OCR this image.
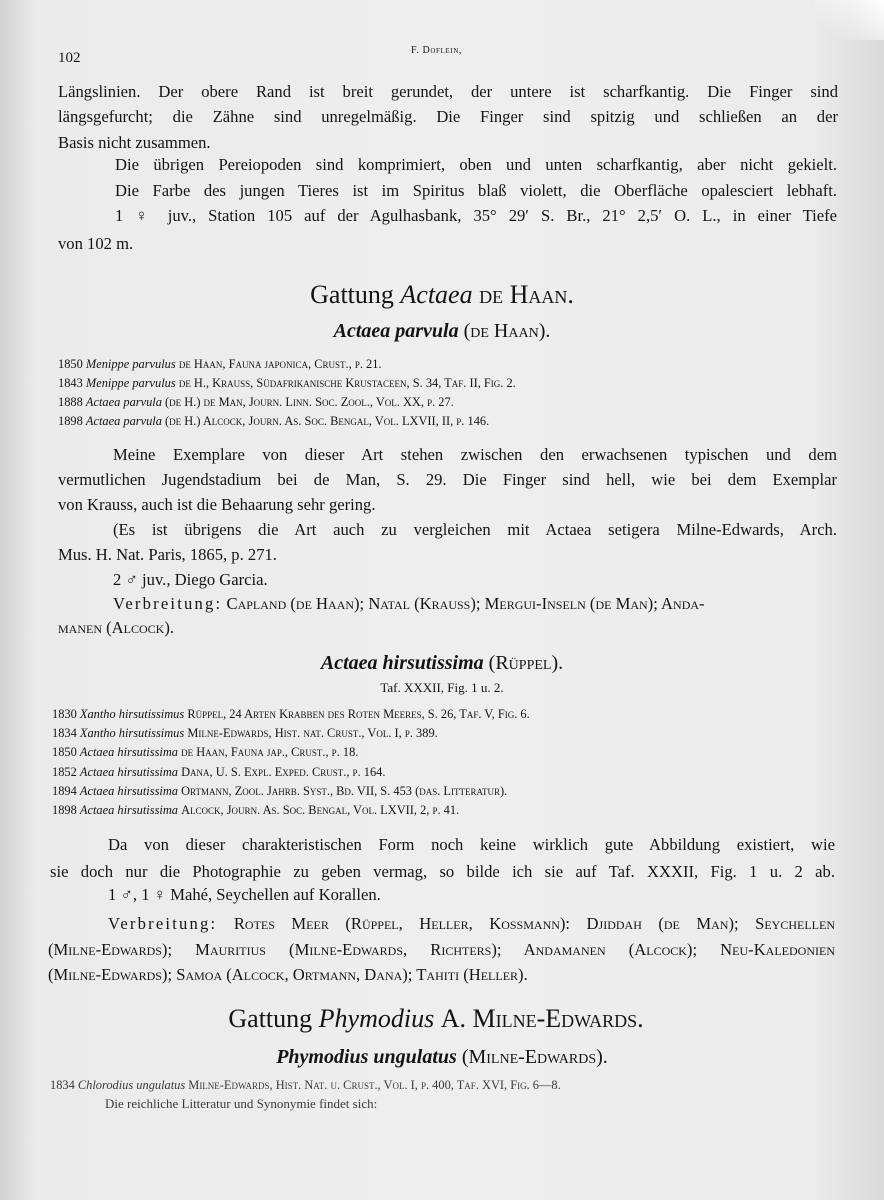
102	F. Doflein,
Längslinien. Der obere Rand ist breit gerundet, der untere ist scharfkantig. Die Finger sind
längsgefurcht; die Zähne sind unregelmäßig. Die Finger sind spitzig und schließen an der
Basis nicht zusammen.
Die übrigen Pereiopoden sind komprimiert, oben und unten scharfkantig, aber nicht gekielt.
Die Farbe des jungen Tieres ist im Spiritus blaß violett, die Oberfläche opalesciert lebhaft.
1 ♀ juv., Station 105 auf der Agulhasbank, 35° 29′ S. Br., 21° 2,5′ O. L., in einer Tiefe
von 102 m.
Gattung Actaea de Haan.
Actaea parvula (de Haan).
1850 Menippe parvulus de Haan, Fauna japonica, Crust., p. 21.
1843 Menippe parvulus de H., Krauss, Südafrikanische Krustaceen, S. 34, Taf. II, Fig. 2.
1888 Actaea parvula (de H.) de Man, Journ. Linn. Soc. Zool., Vol. XX, p. 27.
1898 Actaea parvula (de H.) Alcock, Journ. As. Soc. Bengal, Vol. LXVII, II, p. 146.
Meine Exemplare von dieser Art stehen zwischen den erwachsenen typischen und dem
vermutlichen Jugendstadium bei de Man, S. 29. Die Finger sind hell, wie bei dem Exemplar
von Krauss, auch ist die Behaarung sehr gering.
(Es ist übrigens die Art auch zu vergleichen mit Actaea setigera Milne-Edwards, Arch.
Mus. H. Nat. Paris, 1865, p. 271.
2 ♂ juv., Diego Garcia.
Verbreitung: Capland (de Haan); Natal (Krauss); Mergui-Inseln (de Man); Anda-
manen (Alcock).
Actaea hirsutissima (Rüppel).
Taf. XXXII, Fig. 1 u. 2.
1830 Xantho hirsutissimus Rüppel, 24 Arten Krabben des Roten Meeres, S. 26, Taf. V, Fig. 6.
1834 Xantho hirsutissimus Milne-Edwards, Hist. nat. Crust., Vol. I, p. 389.
1850 Actaea hirsutissima de Haan, Fauna jap., Crust., p. 18.
1852 Actaea hirsutissima Dana, U. S. Expl. Exped. Crust., p. 164.
1894 Actaea hirsutissima Ortmann, Zool. Jahrb. Syst., Bd. VII, S. 453 (das. Litteratur).
1898 Actaea hirsutissima Alcock, Journ. As. Soc. Bengal, Vol. LXVII, 2, p. 41.
Da von dieser charakteristischen Form noch keine wirklich gute Abbildung existiert, wie
sie doch nur die Photographie zu geben vermag, so bilde ich sie auf Taf. XXXII, Fig. 1 u. 2 ab.
1 ♂, 1 ♀ Mahé, Seychellen auf Korallen.
Verbreitung: Rotes Meer (Rüppel, Heller, Kossmann): Djiddah (de Man); Seychellen
(Milne-Edwards); Mauritius (Milne-Edwards, Richters); Andamanen (Alcock); Neu-Kaledonien
(Milne-Edwards); Samoa (Alcock, Ortmann, Dana); Tahiti (Heller).
Gattung Phymodius A. Milne-Edwards.
Phymodius ungulatus (Milne-Edwards).
1834 Chlorodius ungulatus Milne-Edwards, Hist. Nat. u. Crust., Vol. I, p. 400, Taf. XVI, Fig. 6—8.
Die reichliche Litteratur und Synonymie findet sich:
